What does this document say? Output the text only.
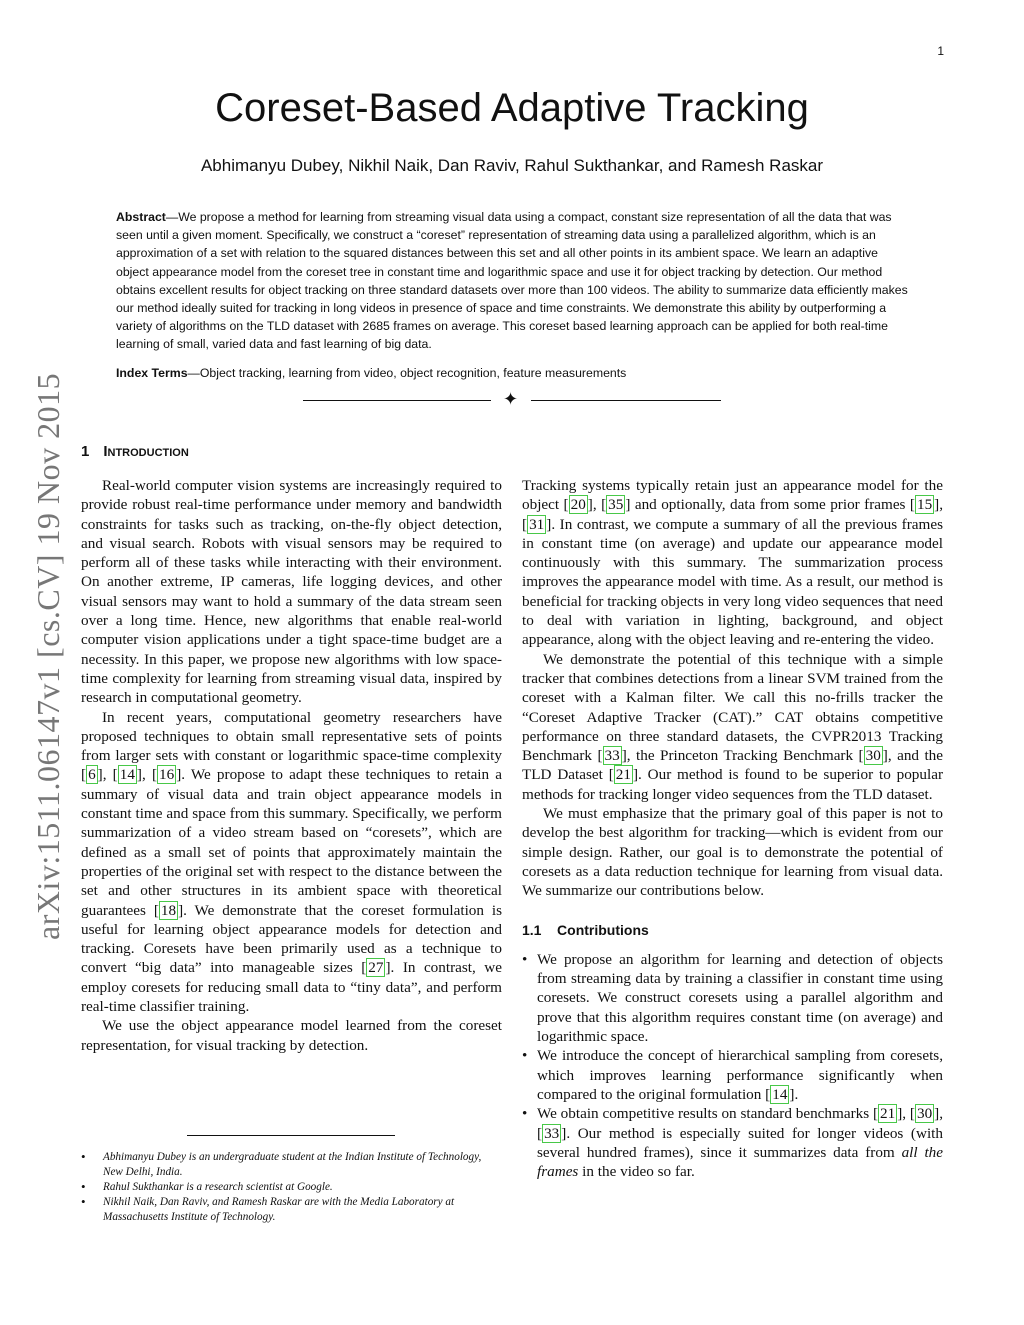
1
arXiv:1511.06147v1 [cs.CV] 19 Nov 2015
Coreset-Based Adaptive Tracking
Abhimanyu Dubey, Nikhil Naik, Dan Raviv, Rahul Sukthankar, and Ramesh Raskar

Abstract—We propose a method for learning from streaming visual data using a compact, constant size representation of all the data that was seen until a given moment. Specifically, we construct a “coreset” representation of streaming data using a parallelized algorithm, which is an approximation of a set with relation to the squared distances between this set and all other points in its ambient space. We learn an adaptive object appearance model from the coreset tree in constant time and logarithmic space and use it for object tracking by detection. Our method obtains excellent results for object tracking on three standard datasets over more than 100 videos. The ability to summarize data efficiently makes our method ideally suited for tracking in long videos in presence of space and time constraints. We demonstrate this ability by outperforming a variety of algorithms on the TLD dataset with 2685 frames on average. This coreset based learning approach can be applied for both real-time learning of small, varied data and fast learning of big data.

Index Terms—Object tracking, learning from video, object recognition, feature measurements

✦
1 Introduction

Real-world computer vision systems are increasingly required to provide robust real-time performance under memory and bandwidth constraints for tasks such as tracking, on-the-fly object detection, and visual search. Robots with visual sensors may be required to perform all of these tasks while interacting with their environment. On another extreme, IP cameras, life logging devices, and other visual sensors may want to hold a summary of the data stream seen over a long time. Hence, new algorithms that enable real-world computer vision applications under a tight space-time budget are a necessity. In this paper, we propose new algorithms with low space-time complexity for learning from streaming visual data, inspired by research in computational geometry.

In recent years, computational geometry researchers have proposed techniques to obtain small representative sets of points from larger sets with constant or logarithmic space-time complexity [ 6 ], [ 14 ], [ 16 ]. We propose to adapt these techniques to retain a summary of visual data and train object appearance models in constant time and space from this summary. Specifically, we perform summarization of a video stream based on “coresets”, which are defined as a small set of points that approximately maintain the properties of the original set with respect to the distance between the set and other structures in its ambient space with theoretical guarantees [ 18 ]. We demonstrate that the coreset formulation is useful for learning object appearance models for detection and tracking. Coresets have been primarily used as a technique to convert “big data” into manageable sizes [ 27 ]. In contrast, we employ coresets for reducing small data to “tiny data”, and perform real-time classifier training.

We use the object appearance model learned from the coreset representation, for visual tracking by detection.

• Abhimanyu Dubey is an undergraduate student at the Indian Institute of Technology, New Delhi, India.
• Rahul Sukthankar is a research scientist at Google.
• Nikhil Naik, Dan Raviv, and Ramesh Raskar are with the Media Laboratory at Massachusetts Institute of Technology.

Tracking systems typically retain just an appearance model for the object [ 20 ], [ 35 ] and optionally, data from some prior frames [ 15 ], [ 31 ]. In contrast, we compute a summary of all the previous frames in constant time (on average) and update our appearance model continuously with this summary. The summarization process improves the appearance model with time. As a result, our method is beneficial for tracking objects in very long video sequences that need to deal with variation in lighting, background, and object appearance, along with the object leaving and re-entering the video.

We demonstrate the potential of this technique with a simple tracker that combines detections from a linear SVM trained from the coreset with a Kalman filter. We call this no-frills tracker the “Coreset Adaptive Tracker (CAT).” CAT obtains competitive performance on three standard datasets, the CVPR2013 Tracking Benchmark [ 33 ], the Princeton Tracking Benchmark [ 30 ], and the TLD Dataset [ 21 ]. Our method is found to be superior to popular methods for tracking longer video sequences from the TLD dataset.

We must emphasize that the primary goal of this paper is not to develop the best algorithm for tracking—which is evident from our simple design. Rather, our goal is to demonstrate the potential of coresets as a data reduction technique for learning from visual data. We summarize our contributions below.

1.1 Contributions
• We propose an algorithm for learning and detection of objects from streaming data by training a classifier in constant time using coresets. We construct coresets using a parallel algorithm and prove that this algorithm requires constant time (on average) and logarithmic space.
• We introduce the concept of hierarchical sampling from coresets, which improves learning performance significantly when compared to the original formulation [ 14 ].
• We obtain competitive results on standard benchmarks [ 21 ], [ 30 ], [ 33 ]. Our method is especially suited for longer videos (with several hundred frames), since it summarizes data from all the frames in the video so far.
